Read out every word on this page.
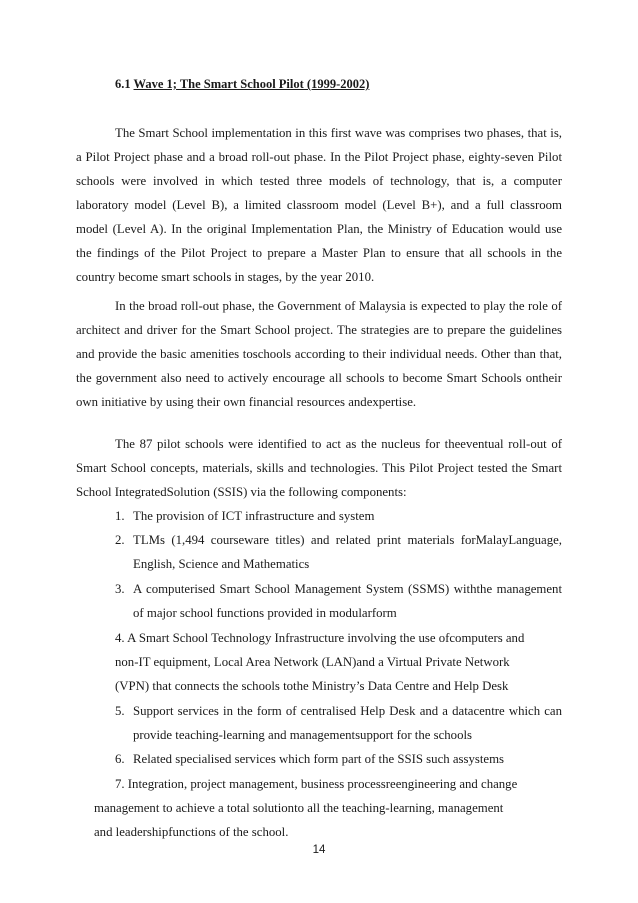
6.1 Wave 1; The Smart School Pilot (1999-2002)
The Smart School implementation in this first wave was comprises two phases, that is,
a Pilot Project phase and a broad roll-out phase. In the Pilot Project phase, eighty-seven Pilot
schools were involved in which tested three models of technology, that is, a computer
laboratory model (Level B), a limited classroom model (Level B+), and a full classroom
model (Level A). In the original Implementation Plan, the Ministry of Education would use
the findings of the Pilot Project to prepare a Master Plan to ensure that all schools in the
country become smart schools in stages, by the year 2010.
In the broad roll-out phase, the Government of Malaysia is expected to play the role of
architect and driver for the Smart School project. The strategies are to prepare the guidelines
and provide the basic amenities toschools according to their individual needs. Other than that,
the government also need to actively encourage all schools to become Smart Schools ontheir
own initiative by using their own financial resources andexpertise.
The 87 pilot schools were identified to act as the nucleus for theeventual roll-out of
Smart School concepts, materials, skills and technologies. This Pilot Project tested the Smart
School IntegratedSolution (SSIS) via the following components:
1. The provision of ICT infrastructure and system
2. TLMs (1,494 courseware titles) and related print materials forMalayLanguage,
English, Science and Mathematics
3. A computerised Smart School Management System (SSMS) withthe management
of major school functions provided in modularform
4. A Smart School Technology Infrastructure involving the use ofcomputers and
non-IT equipment, Local Area Network (LAN)and a Virtual Private Network
(VPN) that connects the schools tothe Ministry’s Data Centre and Help Desk
5. Support services in the form of centralised Help Desk and a datacentre which can
provide teaching-learning and managementsupport for the schools
6. Related specialised services which form part of the SSIS such assystems
7. Integration, project management, business processreengineering and change
management to achieve a total solutionto all the teaching-learning, management
and leadershipfunctions of the school.
14
